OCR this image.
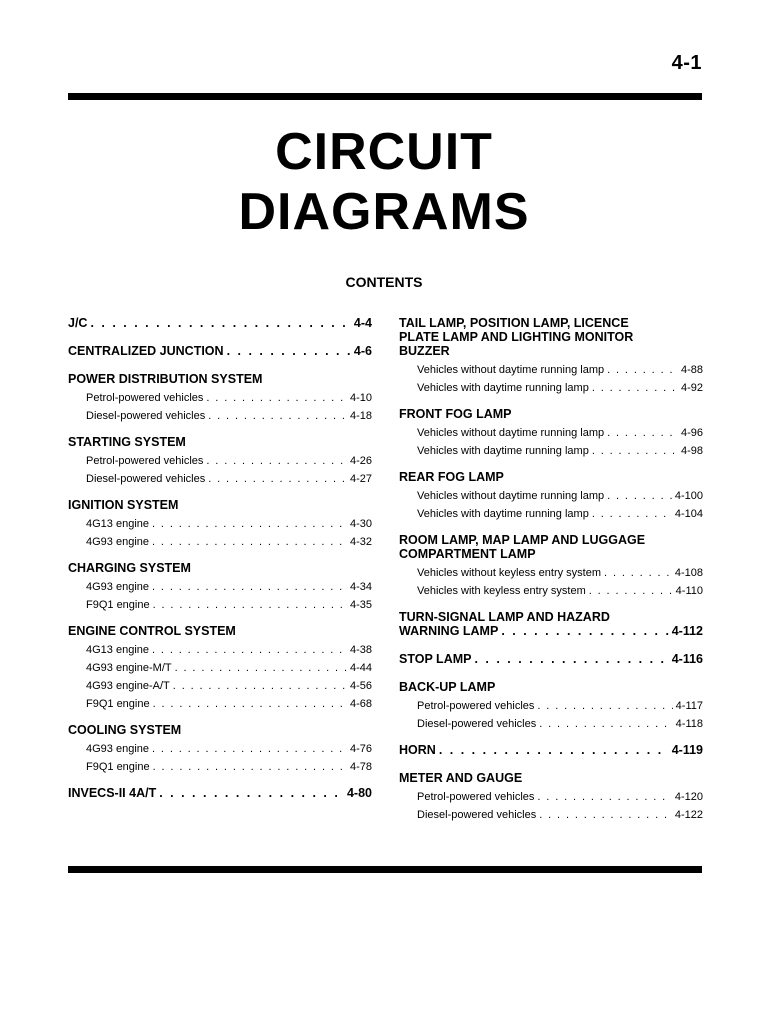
4-1
CIRCUIT
DIAGRAMS
CONTENTS
J/C . . .	4-4
CENTRALIZED JUNCTION . . .	4-6
POWER DISTRIBUTION SYSTEM
Petrol-powered vehicles . . .	4-10
Diesel-powered vehicles . . .	4-18
STARTING SYSTEM
Petrol-powered vehicles . . .	4-26
Diesel-powered vehicles . . .	4-27
IGNITION SYSTEM
4G13 engine . . .	4-30
4G93 engine . . .	4-32
CHARGING SYSTEM
4G93 engine . . .	4-34
F9Q1 engine . . .	4-35
ENGINE CONTROL SYSTEM
4G13 engine . . .	4-38
4G93 engine-M/T . . .	4-44
4G93 engine-A/T . . .	4-56
F9Q1 engine . . .	4-68
COOLING SYSTEM
4G93 engine . . .	4-76
F9Q1 engine . . .	4-78
INVECS-II 4A/T . . .	4-80
TAIL LAMP, POSITION LAMP, LICENCE
PLATE LAMP AND LIGHTING MONITOR
BUZZER
Vehicles without daytime running lamp . . .	4-88
Vehicles with daytime running lamp . . .	4-92
FRONT FOG LAMP
Vehicles without daytime running lamp . . .	4-96
Vehicles with daytime running lamp . . .	4-98
REAR FOG LAMP
Vehicles without daytime running lamp . . .	4-100
Vehicles with daytime running lamp . . .	4-104
ROOM LAMP, MAP LAMP AND LUGGAGE
COMPARTMENT LAMP
Vehicles without keyless entry system . . .	4-108
Vehicles with keyless entry system . . .	4-110
TURN-SIGNAL LAMP AND HAZARD
WARNING LAMP . . .	4-112
STOP LAMP . . .	4-116
BACK-UP LAMP
Petrol-powered vehicles . . .	4-117
Diesel-powered vehicles . . .	4-118
HORN . . .	4-119
METER AND GAUGE
Petrol-powered vehicles . . .	4-120
Diesel-powered vehicles . . .	4-122
